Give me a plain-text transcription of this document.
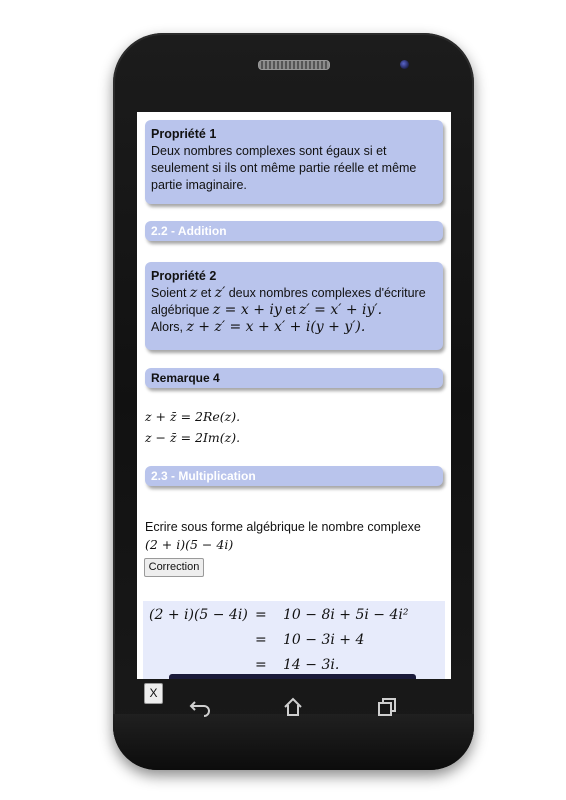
Propriété 1
Deux nombres complexes sont égaux si et seulement si ils ont même partie réelle et même partie imaginaire.
2.2 - Addition
Propriété 2
Soient z et z′ deux nombres complexes d'écriture
algébrique z = x + iy et z′ = x′ + iy′.
Alors, z + z′ = x + x′ + i(y + y′).
Remarque 4
z + z̄ = 2Re(z).
z − z̄ = 2Im(z).
2.3 - Multiplication
Ecrire sous forme algébrique le nombre complexe
(2 + i)(5 − 4i)
Correction
(2 + i)(5 − 4i) = 10 − 8i + 5i − 4i²
= 10 − 3i + 4
= 14 − 3i.
X
